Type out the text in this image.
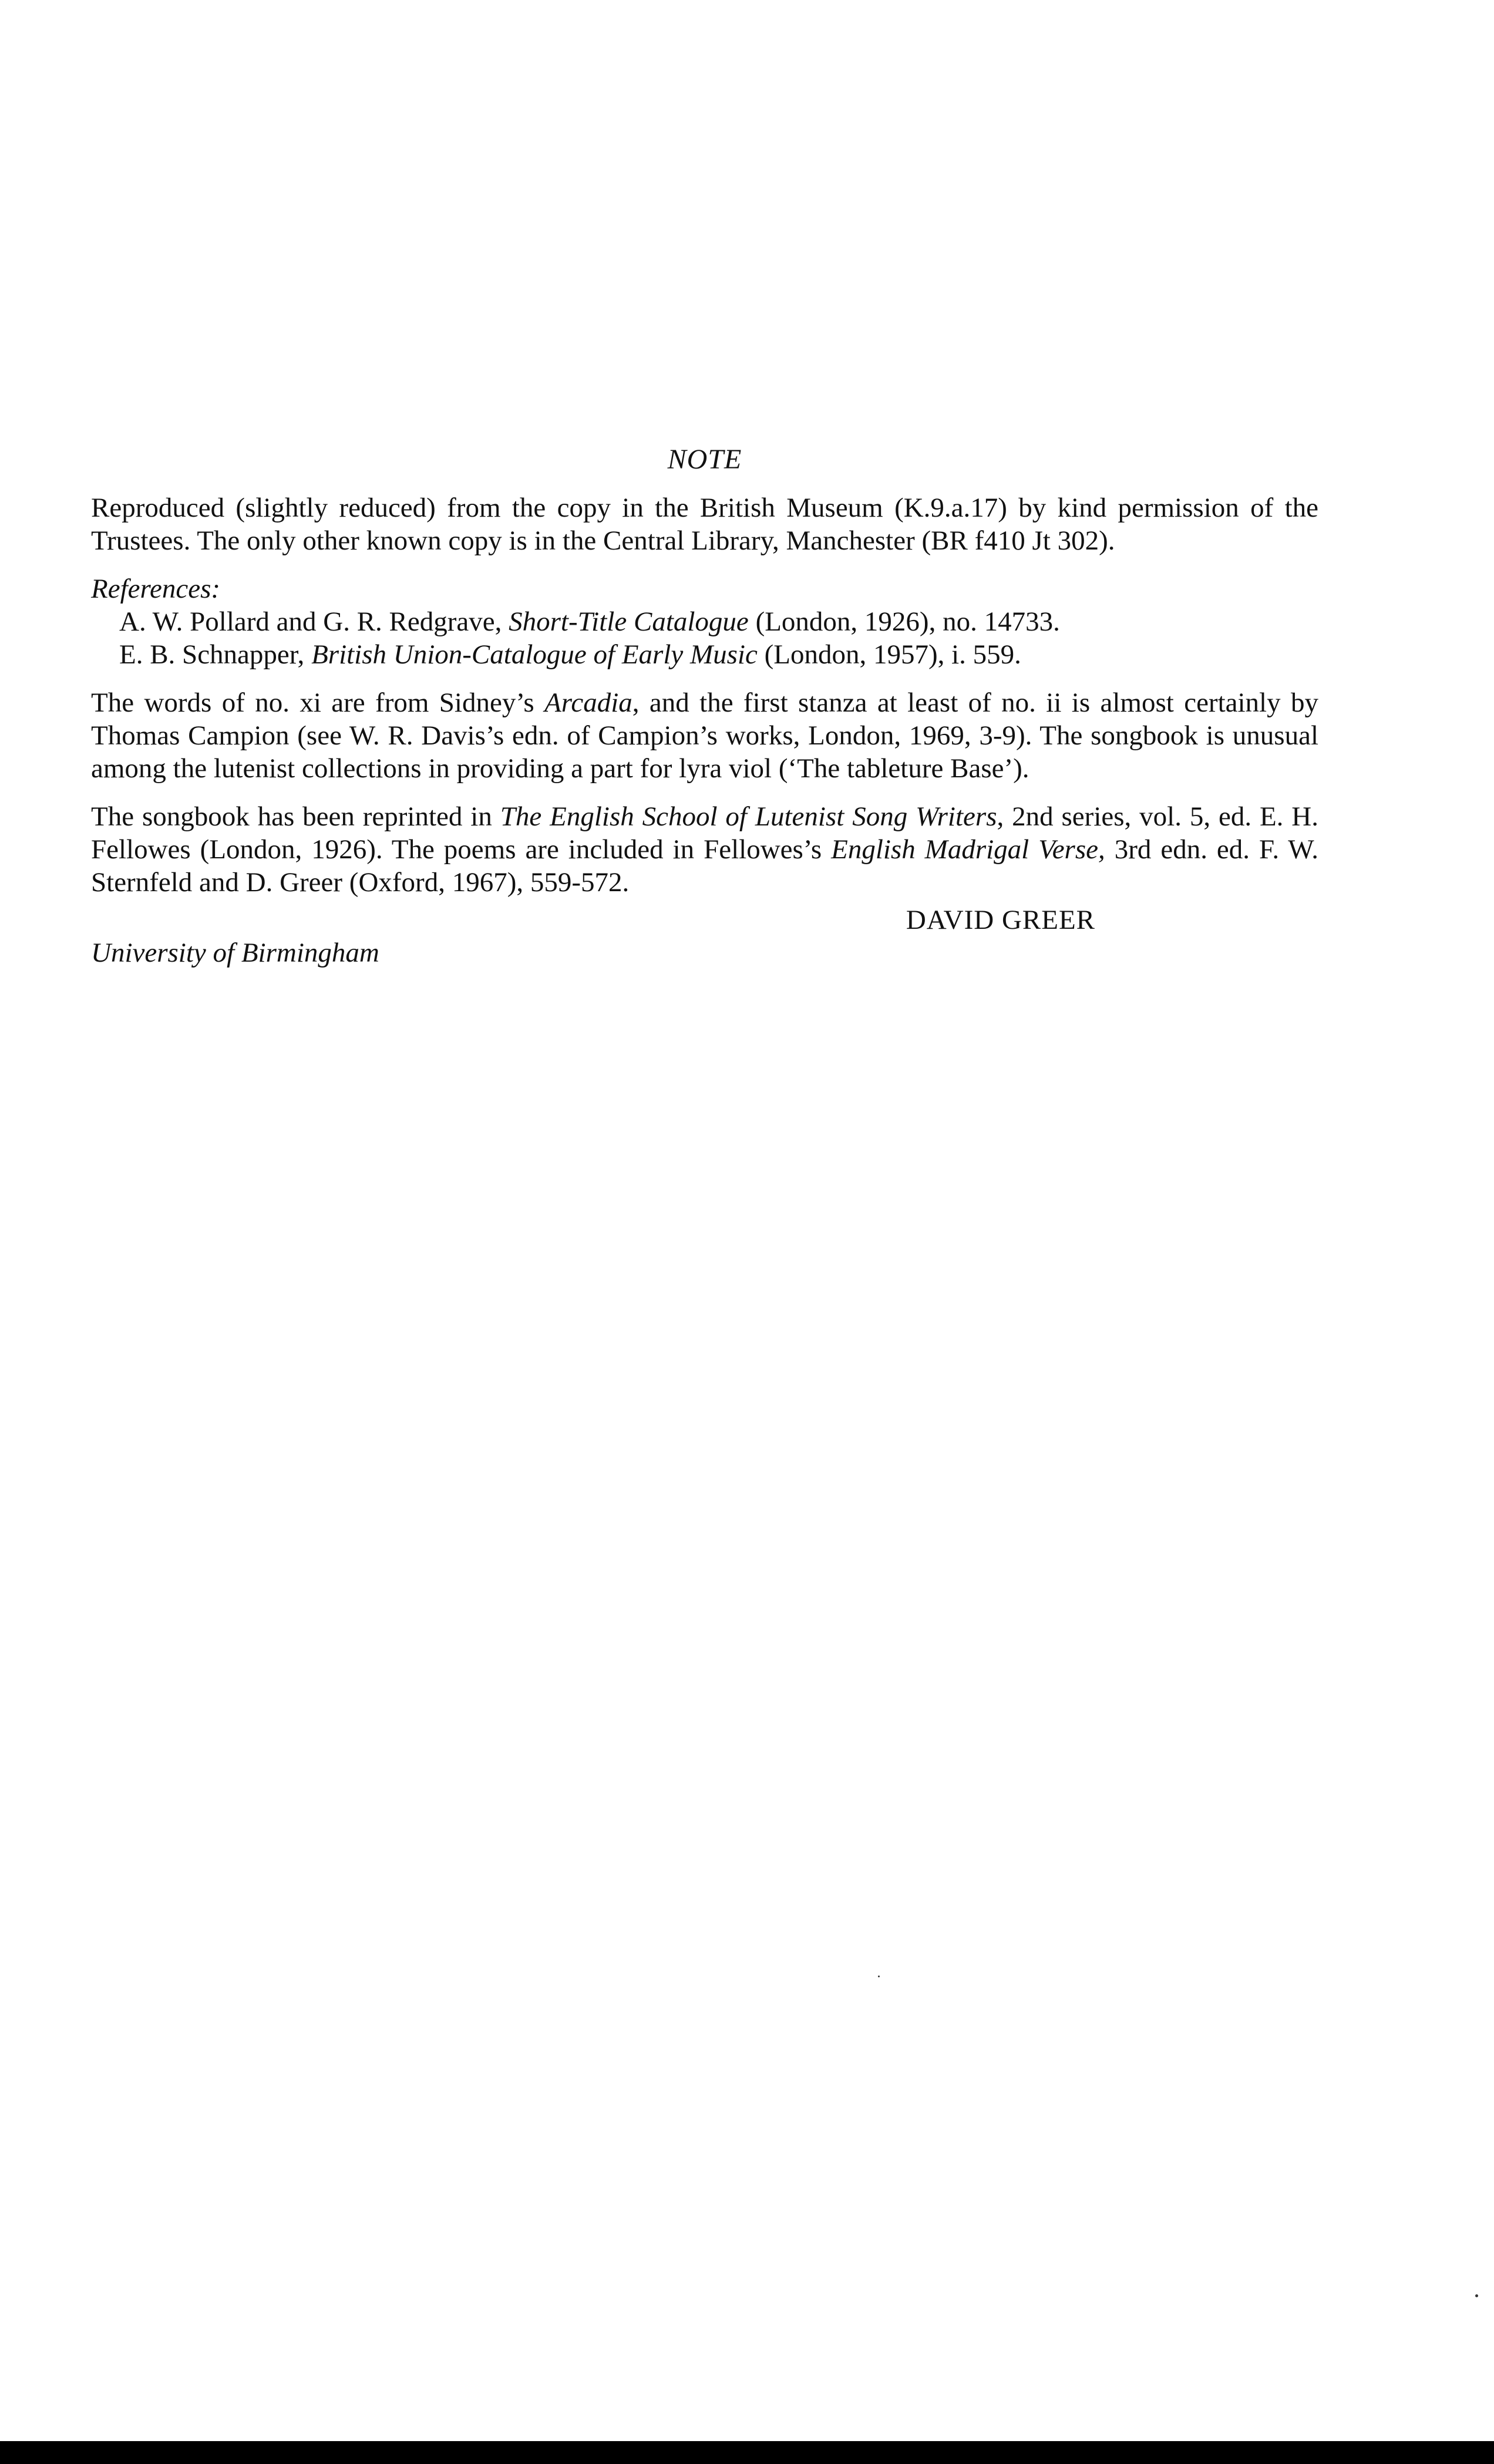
NOTE

Reproduced (slightly reduced) from the copy in the British Museum (K.9.a.17) by kind permission of the Trustees. The only other known copy is in the Central Library, Manchester (BR f410 Jt 302).

References:
A. W. Pollard and G. R. Redgrave, Short-Title Catalogue (London, 1926), no. 14733.
E. B. Schnapper, British Union-Catalogue of Early Music (London, 1957), i. 559.

The words of no. xi are from Sidney’s Arcadia, and the first stanza at least of no. ii is almost certainly by Thomas Campion (see W. R. Davis’s edn. of Campion’s works, London, 1969, 3-9). The songbook is unusual among the lutenist collections in providing a part for lyra viol (‘The tableture Base’).

The songbook has been reprinted in The English School of Lutenist Song Writers, 2nd series, vol. 5, ed. E. H. Fellowes (London, 1926). The poems are included in Fellowes’s English Madrigal Verse, 3rd edn. ed. F. W. Sternfeld and D. Greer (Oxford, 1967), 559-572.

DAVID GREER
University of Birmingham
